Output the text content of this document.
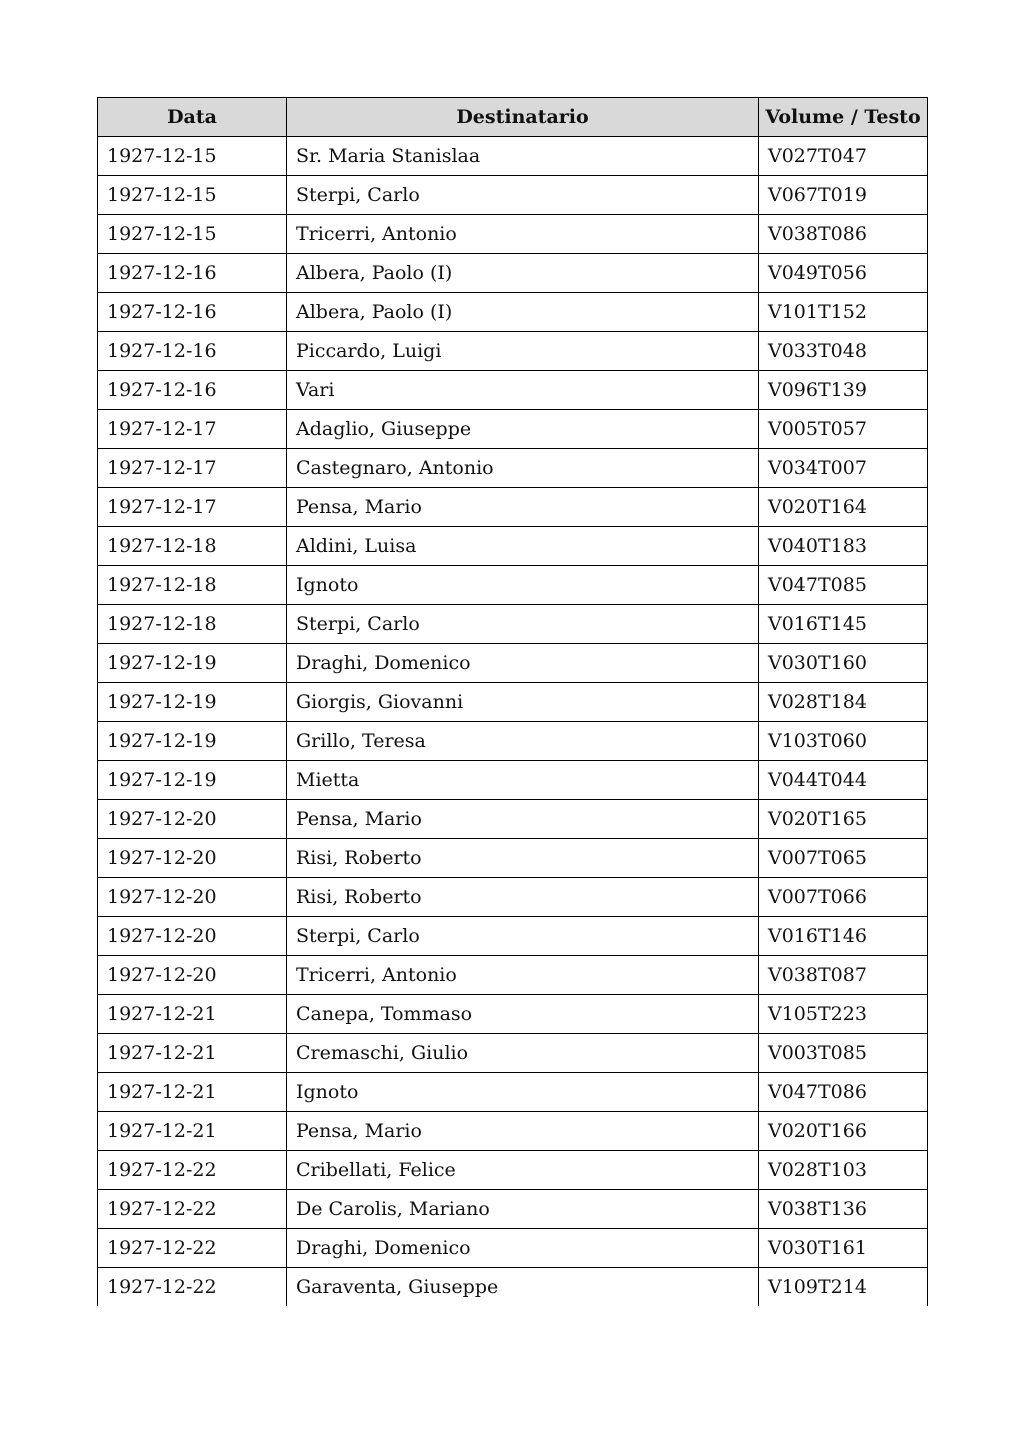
Data	Destinatario	Volume / Testo
1927-12-15	Sr. Maria Stanislaa	V027T047
1927-12-15	Sterpi, Carlo	V067T019
1927-12-15	Tricerri, Antonio	V038T086
1927-12-16	Albera, Paolo (I)	V049T056
1927-12-16	Albera, Paolo (I)	V101T152
1927-12-16	Piccardo, Luigi	V033T048
1927-12-16	Vari	V096T139
1927-12-17	Adaglio, Giuseppe	V005T057
1927-12-17	Castegnaro, Antonio	V034T007
1927-12-17	Pensa, Mario	V020T164
1927-12-18	Aldini, Luisa	V040T183
1927-12-18	Ignoto	V047T085
1927-12-18	Sterpi, Carlo	V016T145
1927-12-19	Draghi, Domenico	V030T160
1927-12-19	Giorgis, Giovanni	V028T184
1927-12-19	Grillo, Teresa	V103T060
1927-12-19	Mietta	V044T044
1927-12-20	Pensa, Mario	V020T165
1927-12-20	Risi, Roberto	V007T065
1927-12-20	Risi, Roberto	V007T066
1927-12-20	Sterpi, Carlo	V016T146
1927-12-20	Tricerri, Antonio	V038T087
1927-12-21	Canepa, Tommaso	V105T223
1927-12-21	Cremaschi, Giulio	V003T085
1927-12-21	Ignoto	V047T086
1927-12-21	Pensa, Mario	V020T166
1927-12-22	Cribellati, Felice	V028T103
1927-12-22	De Carolis, Mariano	V038T136
1927-12-22	Draghi, Domenico	V030T161
1927-12-22	Garaventa, Giuseppe	V109T214
